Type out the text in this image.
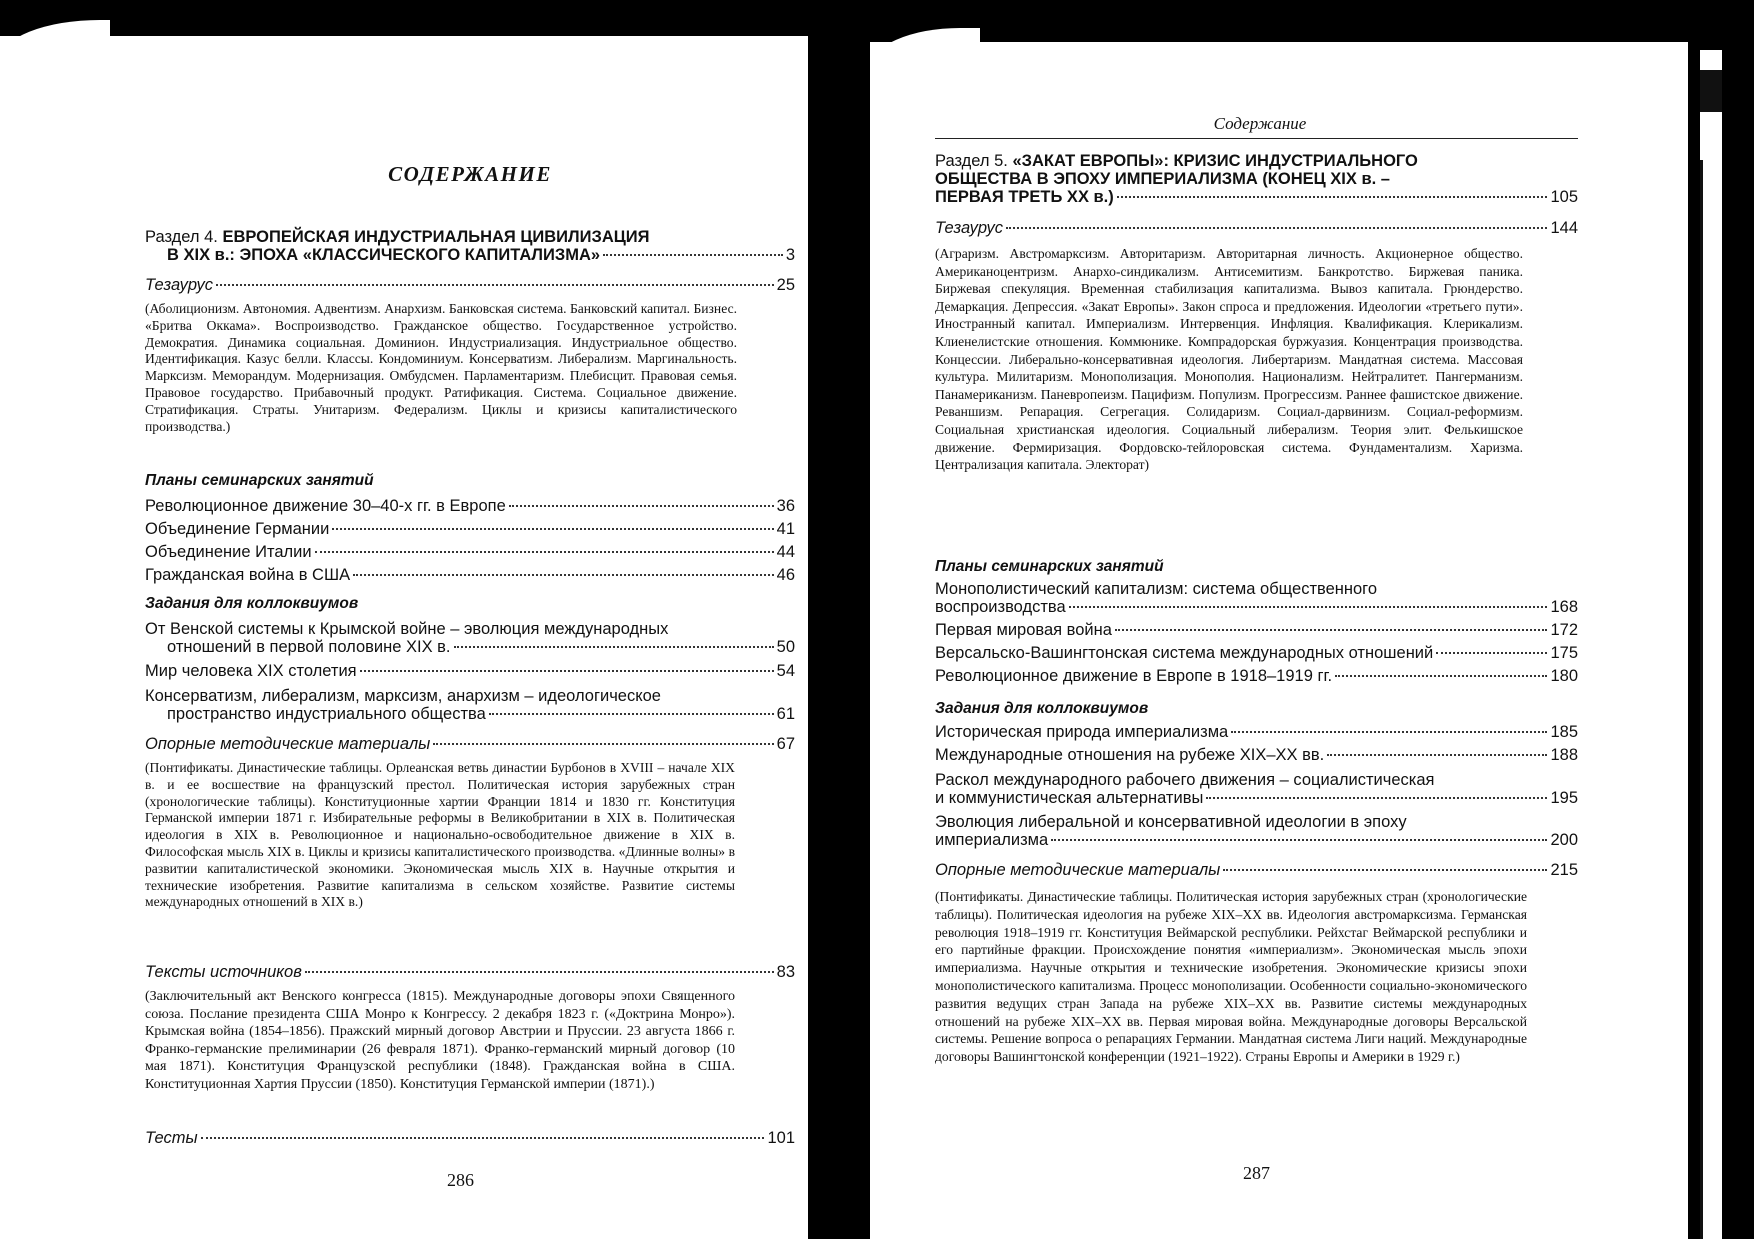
СОДЕРЖАНИЕ
Раздел 4. ЕВРОПЕЙСКАЯ ИНДУСТРИАЛЬНАЯ ЦИВИЛИЗАЦИЯ
В XIX в.: ЭПОХА «КЛАССИЧЕСКОГО КАПИТАЛИЗМА»	3
Тезаурус	25
(Аболиционизм. Автономия. Адвентизм. Анархизм. Банковская система. Банковский капитал. Бизнес. «Бритва Оккама». Воспроизводство. Гражданское общество. Государственное устройство. Демократия. Динамика социальная. Доминион. Индустриализация. Индустриальное общество. Идентификация. Казус белли. Классы. Кондоминиум. Консерватизм. Либерализм. Маргинальность. Марксизм. Меморандум. Модернизация. Омбудсмен. Парламентаризм. Плебисцит. Правовая семья. Правовое государство. Прибавочный продукт. Ратификация. Система. Социальное движение. Стратификация. Страты. Унитаризм. Федерализм. Циклы и кризисы капиталистического производства.)
Планы семинарских занятий
Революционное движение 30–40-х гг. в Европе	36
Объединение Германии	41
Объединение Италии	44
Гражданская война в США	46
Задания для коллоквиумов
От Венской системы к Крымской войне – эволюция международных
отношений в первой половине XIX в.	50
Мир человека XIX столетия	54
Консерватизм, либерализм, марксизм, анархизм – идеологическое
пространство индустриального общества	61
Опорные методические материалы	67
(Понтификаты. Династические таблицы. Орлеанская ветвь династии Бурбонов в XVIII – начале XIX в. и ее восшествие на французский престол. Политическая история зарубежных стран (хронологические таблицы). Конституционные хартии Франции 1814 и 1830 гг. Конституция Германской империи 1871 г. Избирательные реформы в Великобритании в XIX в. Политическая идеология в XIX в. Революционное и национально-освободительное движение в XIX в. Философская мысль XIX в. Циклы и кризисы капиталистического производства. «Длинные волны» в развитии капиталистической экономики. Экономическая мысль XIX в. Научные открытия и технические изобретения. Развитие капитализма в сельском хозяйстве. Развитие системы международных отношений в XIX в.)
Тексты источников	83
(Заключительный акт Венского конгресса (1815). Международные договоры эпохи Священного союза. Послание президента США Монро к Конгрессу. 2 декабря 1823 г. («Доктрина Монро»). Крымская война (1854–1856). Пражский мирный договор Австрии и Пруссии. 23 августа 1866 г. Франко-германские прелиминарии (26 февраля 1871). Франко-германский мирный договор (10 мая 1871). Конституция Французской республики (1848). Гражданская война в США. Конституционная Хартия Пруссии (1850). Конституция Германской империи (1871).)
Тесты	101
286
Содержание
Раздел 5. «ЗАКАТ ЕВРОПЫ»: КРИЗИС ИНДУСТРИАЛЬНОГО
ОБЩЕСТВА В ЭПОХУ ИМПЕРИАЛИЗМА (КОНЕЦ XIX в. –
ПЕРВАЯ ТРЕТЬ XX в.)	105
Тезаурус	144
(Аграризм. Австромарксизм. Авторитаризм. Авторитарная личность. Акционерное общество. Американоцентризм. Анархо-синдикализм. Антисемитизм. Банкротство. Биржевая паника. Биржевая спекуляция. Временная стабилизация капитализма. Вывоз капитала. Грюндерство. Демаркация. Депрессия. «Закат Европы». Закон спроса и предложения. Идеологии «третьего пути». Иностранный капитал. Империализм. Интервенция. Инфляция. Квалификация. Клерикализм. Клиенелистские отношения. Коммюнике. Компрадорская буржуазия. Концентрация производства. Концессии. Либерально-консервативная идеология. Либертаризм. Мандатная система. Массовая культура. Милитаризм. Монополизация. Монополия. Национализм. Нейтралитет. Пангерманизм. Панамериканизм. Паневропеизм. Пацифизм. Популизм. Прогрессизм. Раннее фашистское движение. Реваншизм. Репарация. Сегрегация. Солидаризм. Социал-дарвинизм. Социал-реформизм. Социальная христианская идеология. Социальный либерализм. Теория элит. Фелькишское движение. Фермиризация. Фордовско-тейлоровская система. Фундаментализм. Харизма. Централизация капитала. Электорат)
Планы семинарских занятий
Монополистический капитализм: система общественного
воспроизводства	168
Первая мировая война	172
Версальско-Вашингтонская система международных отношений	175
Революционное движение в Европе в 1918–1919 гг.	180
Задания для коллоквиумов
Историческая природа империализма	185
Международные отношения на рубеже XIX–XX вв.	188
Раскол международного рабочего движения – социалистическая
и коммунистическая альтернативы	195
Эволюция либеральной и консервативной идеологии в эпоху
империализма	200
Опорные методические материалы	215
(Понтификаты. Династические таблицы. Политическая история зарубежных стран (хронологические таблицы). Политическая идеология на рубеже XIX–XX вв. Идеология австромарксизма. Германская революция 1918–1919 гг. Конституция Веймарской республики. Рейхстаг Веймарской республики и его партийные фракции. Происхождение понятия «империализм». Экономическая мысль эпохи империализма. Научные открытия и технические изобретения. Экономические кризисы эпохи монополистического капитализма. Процесс монополизации. Особенности социально-экономического развития ведущих стран Запада на рубеже XIX–XX вв. Развитие системы международных отношений на рубеже XIX–XX вв. Первая мировая война. Международные договоры Версальской системы. Решение вопроса о репарациях Германии. Мандатная система Лиги наций. Международные договоры Вашингтонской конференции (1921–1922). Страны Европы и Америки в 1929 г.)
287
